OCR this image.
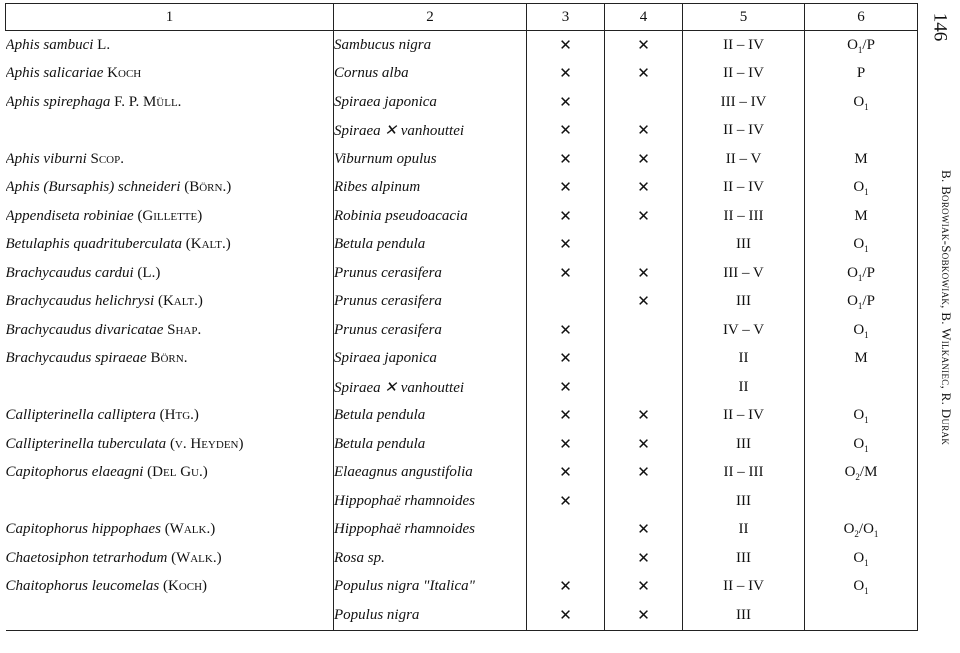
1	2	3	4	5	6
Aphis sambuci L.	Sambucus nigra	✕	✕	II – IV	$O_1/P$
Aphis salicariae Koch	Cornus alba	✕	✕	II – IV	P
Aphis spirephaga F. P. Müll.	Spiraea japonica	✕		III – IV	$O_1$
	Spiraea ✕ vanhouttei	✕	✕	II – IV	
Aphis viburni Scop.	Viburnum opulus	✕	✕	II – V	M
Aphis (Bursaphis) schneideri (Börn.)	Ribes alpinum	✕	✕	II – IV	$O_1$
Appendiseta robiniae (Gillette)	Robinia pseudoacacia	✕	✕	II – III	M
Betulaphis quadrituberculata (Kalt.)	Betula pendula	✕		III	$O_1$
Brachycaudus cardui (L.)	Prunus cerasifera	✕	✕	III – V	$O_1/P$
Brachycaudus helichrysi (Kalt.)	Prunus cerasifera		✕	III	$O_1/P$
Brachycaudus divaricatae Shap.	Prunus cerasifera	✕		IV – V	$O_1$
Brachycaudus spiraeae Börn.	Spiraea japonica	✕		II	M
	Spiraea ✕ vanhouttei	✕		II	
Callipterinella calliptera (Htg.)	Betula pendula	✕	✕	II – IV	$O_1$
Callipterinella tuberculata (v. Heyden)	Betula pendula	✕	✕	III	$O_1$
Capitophorus elaeagni (Del Gu.)	Elaeagnus angustifolia	✕	✕	II – III	$O_2/M$
	Hippophaë rhamnoides	✕		III	
Capitophorus hippophaes (Walk.)	Hippophaë rhamnoides		✕	II	$O_2/O_1$
Chaetosiphon tetrarhodum (Walk.)	Rosa sp.		✕	III	$O_1$
Chaitophorus leucomelas (Koch)	Populus nigra "Italica"	✕	✕	II – IV	$O_1$
	Populus nigra	✕	✕	III	
146
B. Borowiak-Sobkowiak, B. Wilkaniec, R. Durak
